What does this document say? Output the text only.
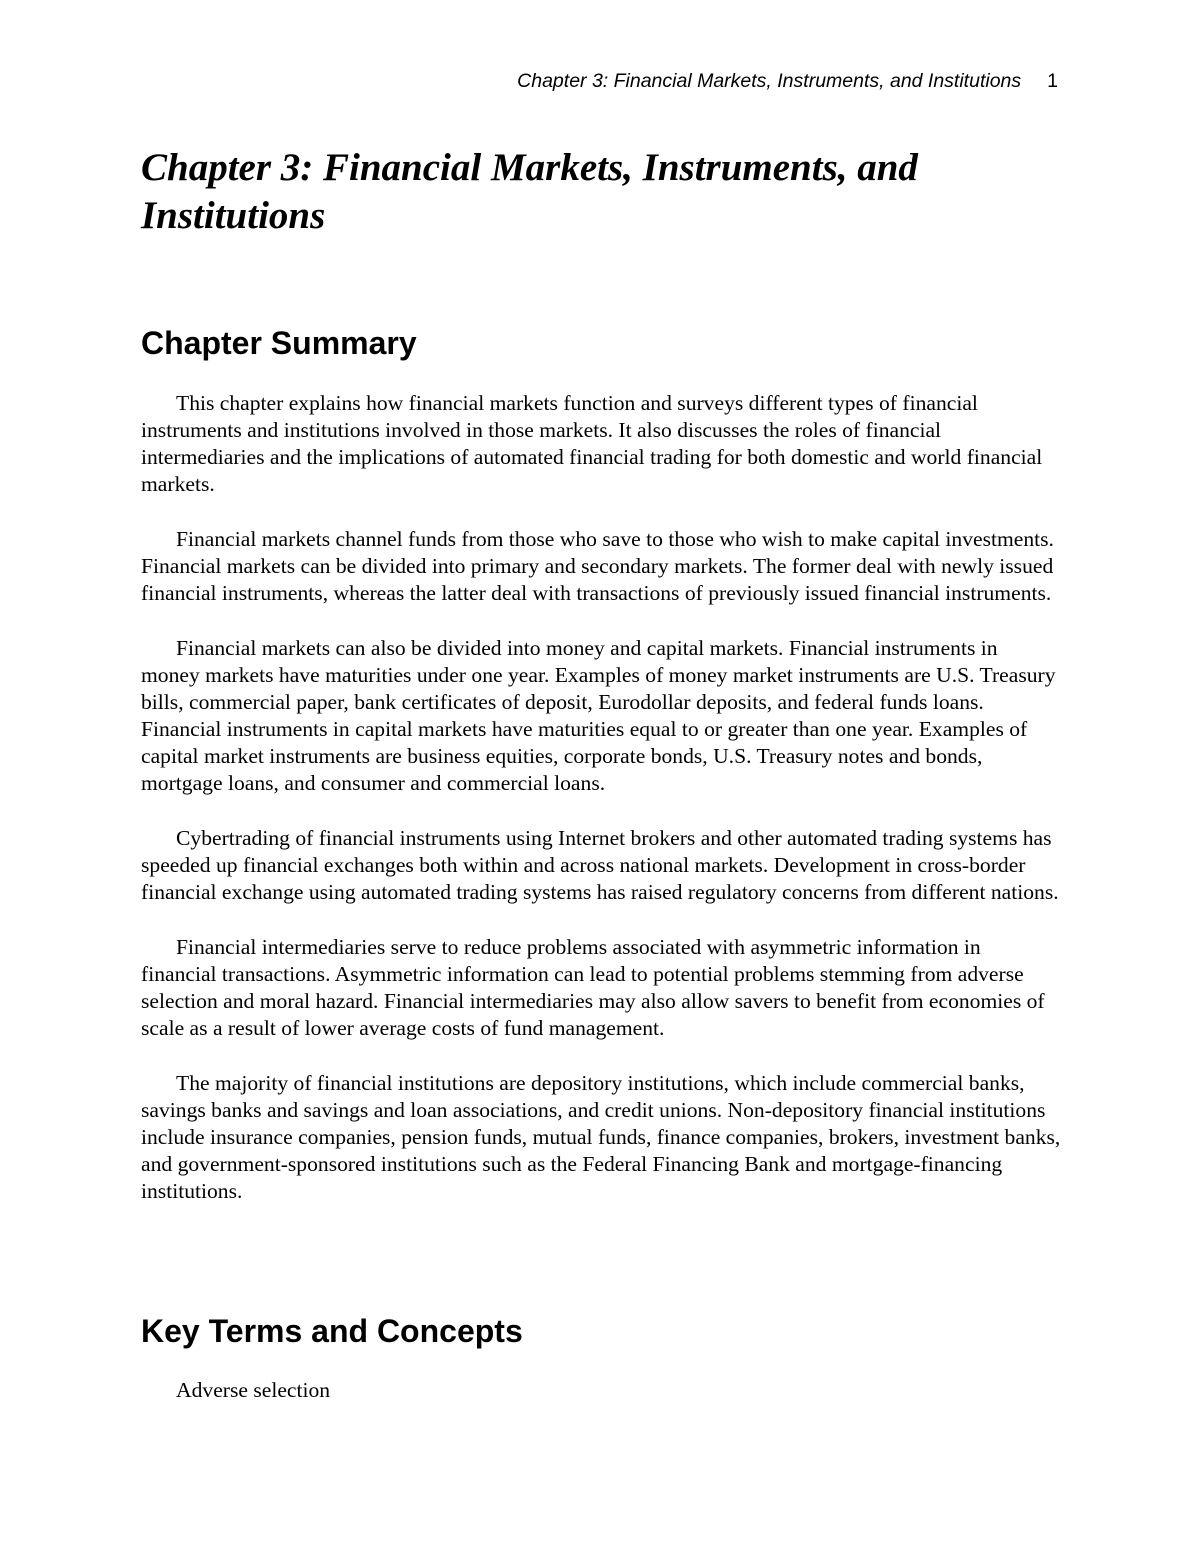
Chapter 3: Financial Markets, Instruments, and Institutions 1
Chapter 3: Financial Markets, Instruments, and Institutions
Chapter Summary

This chapter explains how financial markets function and surveys different types of financial instruments and institutions involved in those markets. It also discusses the roles of financial intermediaries and the implications of automated financial trading for both domestic and world financial markets.

Financial markets channel funds from those who save to those who wish to make capital investments. Financial markets can be divided into primary and secondary markets. The former deal with newly issued financial instruments, whereas the latter deal with transactions of previously issued financial instruments.

Financial markets can also be divided into money and capital markets. Financial instruments in money markets have maturities under one year. Examples of money market instruments are U.S. Treasury bills, commercial paper, bank certificates of deposit, Eurodollar deposits, and federal funds loans. Financial instruments in capital markets have maturities equal to or greater than one year. Examples of capital market instruments are business equities, corporate bonds, U.S. Treasury notes and bonds, mortgage loans, and consumer and commercial loans.

Cybertrading of financial instruments using Internet brokers and other automated trading systems has speeded up financial exchanges both within and across national markets. Development in cross-border financial exchange using automated trading systems has raised regulatory concerns from different nations.

Financial intermediaries serve to reduce problems associated with asymmetric information in financial transactions. Asymmetric information can lead to potential problems stemming from adverse selection and moral hazard. Financial intermediaries may also allow savers to benefit from economies of scale as a result of lower average costs of fund management.

The majority of financial institutions are depository institutions, which include commercial banks, savings banks and savings and loan associations, and credit unions. Non-depository financial institutions include insurance companies, pension funds, mutual funds, finance companies, brokers, investment banks, and government-sponsored institutions such as the Federal Financing Bank and mortgage-financing institutions.

Key Terms and Concepts
Adverse selection
